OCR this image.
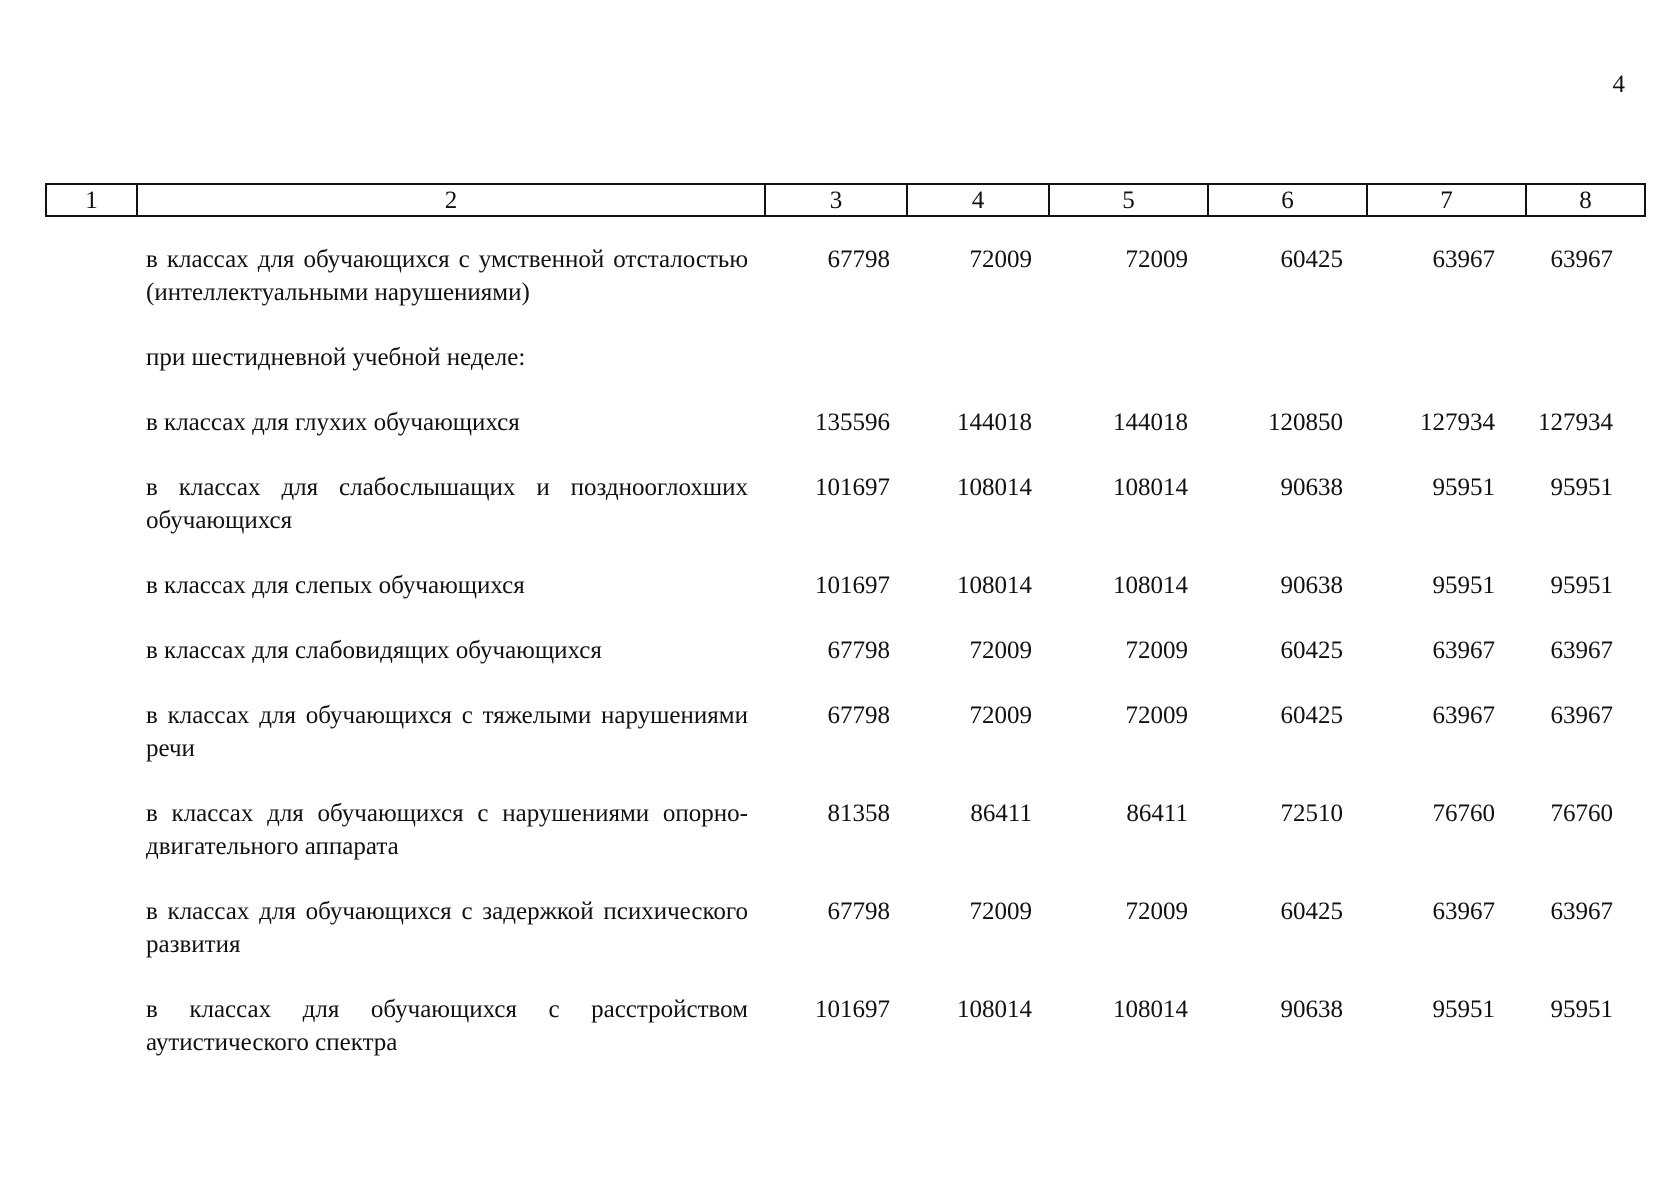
4
1	2	3	4	5	6	7	8
в классах для обучающихся с умственной отсталостью (интеллектуальными нарушениями)
67798	72009	72009	60425	63967 63967
при шестидневной учебной неделе:
в классах для глухих обучающихся	135596	144018	144018	120850	127934 127934
в классах для слабослышащих и позднооглохших обучающихся
101697	108014	108014	90638	95951 95951
в классах для слепых обучающихся	101697	108014	108014	90638	95951 95951
в классах для слабовидящих обучающихся	67798	72009	72009	60425	63967 63967
в классах для обучающихся с тяжелыми нарушениями речи
67798	72009	72009	60425	63967 63967
в классах для обучающихся с нарушениями опорно-двигательного аппарата
81358	86411	86411	72510	76760 76760
в классах для обучающихся с задержкой психического развития
67798	72009	72009	60425	63967 63967
в классах для обучающихся с расстройством аутистического спектра
101697	108014	108014	90638	95951 95951
